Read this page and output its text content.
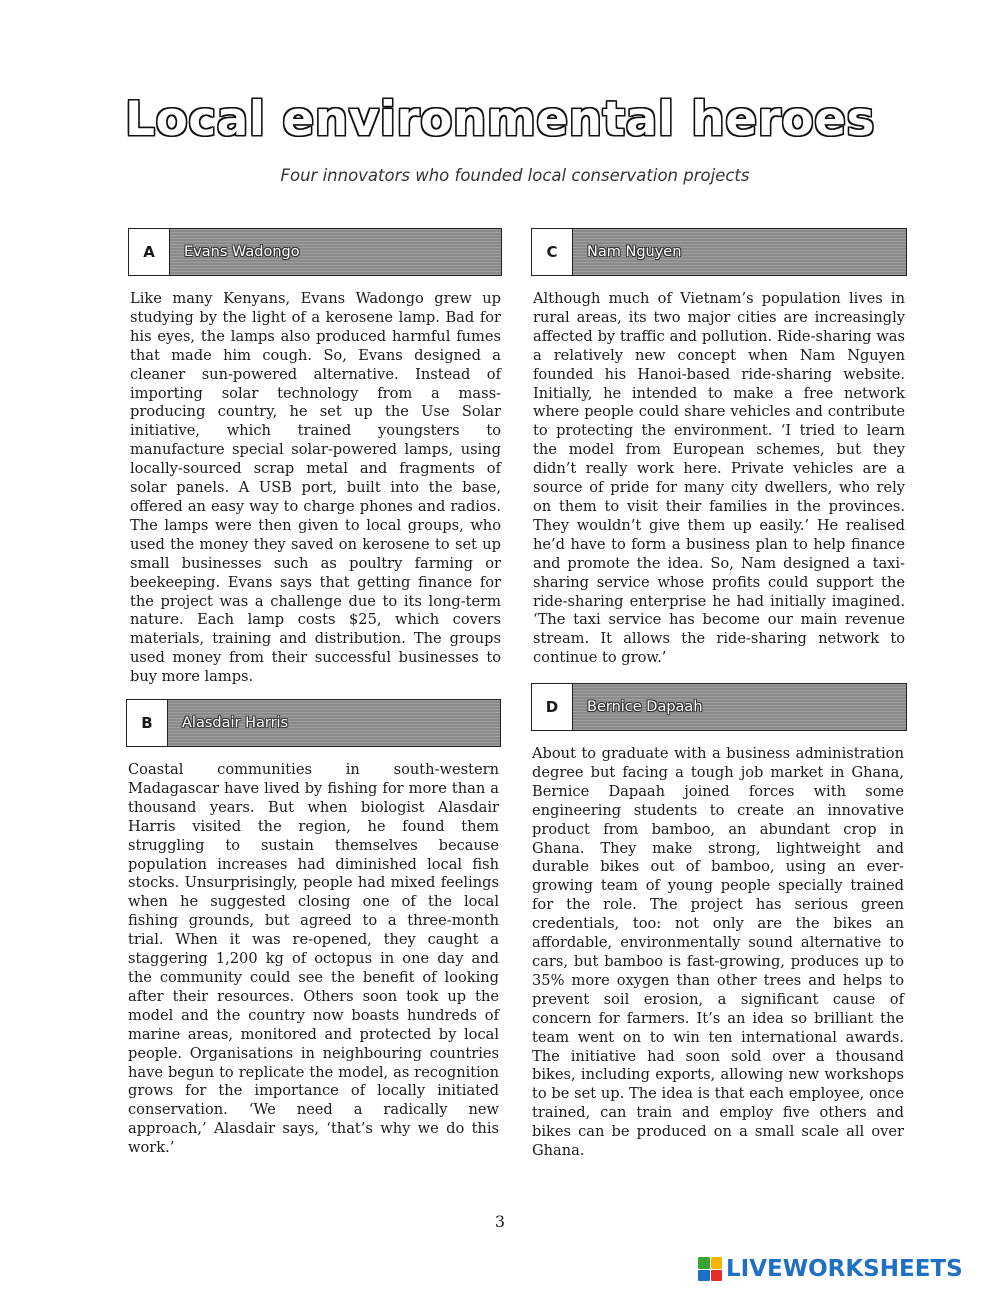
Local environmental heroes
Four innovators who founded local conservation projects
A	Evans Wadongo

Like many Kenyans, Evans Wadongo grew up studying by the light of a kerosene lamp. Bad for his eyes, the lamps also produced harmful fumes that made him cough. So, Evans designed a cleaner sun-powered alternative. Instead of importing solar technology from a mass-producing country, he set up the Use Solar initiative, which trained youngsters to manufacture special solar-powered lamps, using locally-sourced scrap metal and fragments of solar panels. A USB port, built into the base, offered an easy way to charge phones and radios. The lamps were then given to local groups, who used the money they saved on kerosene to set up small businesses such as poultry farming or beekeeping. Evans says that getting finance for the project was a challenge due to its long-term nature. Each lamp costs $25, which covers materials, training and distribution. The groups used money from their successful businesses to buy more lamps.

B	Alasdair Harris

Coastal communities in south-western Madagascar have lived by fishing for more than a thousand years. But when biologist Alasdair Harris visited the region, he found them struggling to sustain themselves because population increases had diminished local fish stocks. Unsurprisingly, people had mixed feelings when he suggested closing one of the local fishing grounds, but agreed to a three-month trial. When it was re-opened, they caught a staggering 1,200 kg of octopus in one day and the community could see the benefit of looking after their resources. Others soon took up the model and the country now boasts hundreds of marine areas, monitored and protected by local people. Organisations in neighbouring countries have begun to replicate the model, as recognition grows for the importance of locally initiated conservation. ‘We need a radically new approach,’ Alasdair says, ‘that’s why we do this work.’

C	Nam Nguyen

Although much of Vietnam’s population lives in rural areas, its two major cities are increasingly affected by traffic and pollution. Ride-sharing was a relatively new concept when Nam Nguyen founded his Hanoi-based ride-sharing website. Initially, he intended to make a free network where people could share vehicles and contribute to protecting the environment. ‘I tried to learn the model from European schemes, but they didn’t really work here. Private vehicles are a source of pride for many city dwellers, who rely on them to visit their families in the provinces. They wouldn’t give them up easily.’ He realised he’d have to form a business plan to help finance and promote the idea. So, Nam designed a taxi-sharing service whose profits could support the ride-sharing enterprise he had initially imagined. ‘The taxi service has become our main revenue stream. It allows the ride-sharing network to continue to grow.’

D	Bernice Dapaah

About to graduate with a business administration degree but facing a tough job market in Ghana, Bernice Dapaah joined forces with some engineering students to create an innovative product from bamboo, an abundant crop in Ghana. They make strong, lightweight and durable bikes out of bamboo, using an ever-growing team of young people specially trained for the role. The project has serious green credentials, too: not only are the bikes an affordable, environmentally sound alternative to cars, but bamboo is fast-growing, produces up to 35% more oxygen than other trees and helps to prevent soil erosion, a significant cause of concern for farmers. It’s an idea so brilliant the team went on to win ten international awards. The initiative had soon sold over a thousand bikes, including exports, allowing new workshops to be set up. The idea is that each employee, once trained, can train and employ five others and bikes can be produced on a small scale all over Ghana.

3
LIVEWORKSHEETS
